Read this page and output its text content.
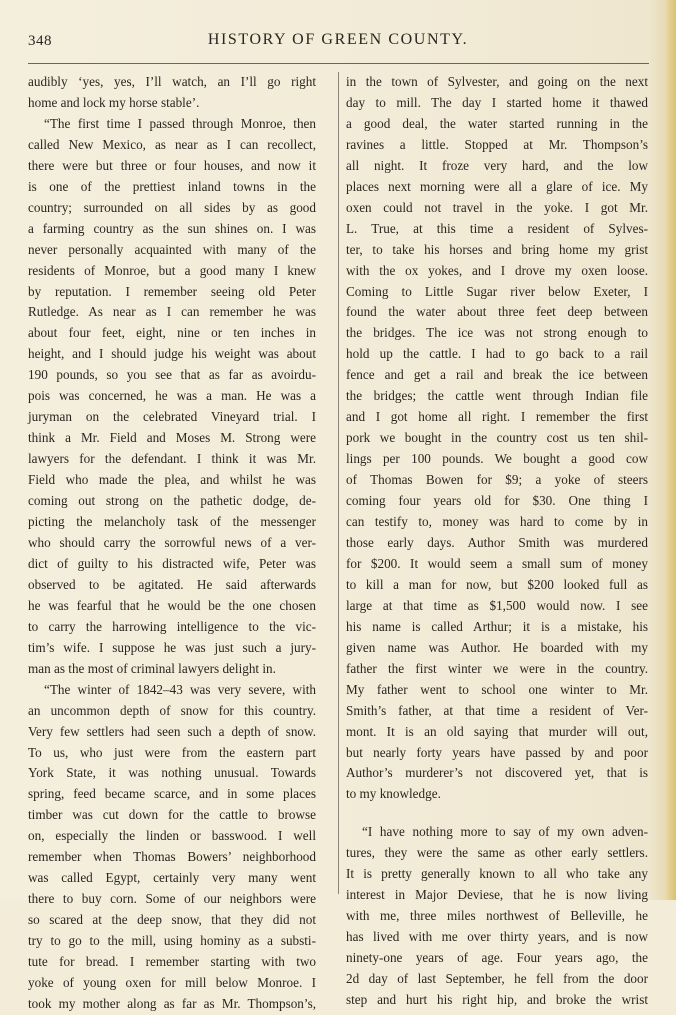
348	HISTORY OF GREEN COUNTY.
audibly ‘yes, yes, I’ll watch, an I’ll go right
home and lock my horse stable’.
“The first time I passed through Monroe, then
called New Mexico, as near as I can recollect,
there were but three or four houses, and now it
is one of the prettiest inland towns in the
country; surrounded on all sides by as good
a farming country as the sun shines on. I was
never personally acquainted with many of the
residents of Monroe, but a good many I knew
by reputation. I remember seeing old Peter
Rutledge. As near as I can remember he was
about four feet, eight, nine or ten inches in
height, and I should judge his weight was about
190 pounds, so you see that as far as avoirdu-
pois was concerned, he was a man. He was a
juryman on the celebrated Vineyard trial. I
think a Mr. Field and Moses M. Strong were
lawyers for the defendant. I think it was Mr.
Field who made the plea, and whilst he was
coming out strong on the pathetic dodge, de-
picting the melancholy task of the messenger
who should carry the sorrowful news of a ver-
dict of guilty to his distracted wife, Peter was
observed to be agitated. He said afterwards
he was fearful that he would be the one chosen
to carry the harrowing intelligence to the vic-
tim’s wife. I suppose he was just such a jury-
man as the most of criminal lawyers delight in.
“The winter of 1842–43 was very severe, with
an uncommon depth of snow for this country.
Very few settlers had seen such a depth of snow.
To us, who just were from the eastern part
York State, it was nothing unusual. Towards
spring, feed became scarce, and in some places
timber was cut down for the cattle to browse
on, especially the linden or basswood. I well
remember when Thomas Bowers’ neighborhood
was called Egypt, certainly very many went
there to buy corn. Some of our neighbors were
so scared at the deep snow, that they did not
try to go to the mill, using hominy as a substi-
tute for bread. I remember starting with two
yoke of young oxen for mill below Monroe. I
took my mother along as far as Mr. Thompson’s,
in the town of Sylvester, and going on the next
day to mill. The day I started home it thawed
a good deal, the water started running in the
ravines a little. Stopped at Mr. Thompson’s
all night. It froze very hard, and the low
places next morning were all a glare of ice. My
oxen could not travel in the yoke. I got Mr.
L. True, at this time a resident of Sylves-
ter, to take his horses and bring home my grist
with the ox yokes, and I drove my oxen loose.
Coming to Little Sugar river below Exeter, I
found the water about three feet deep between
the bridges. The ice was not strong enough to
hold up the cattle. I had to go back to a rail
fence and get a rail and break the ice between
the bridges; the cattle went through Indian file
and I got home all right. I remember the first
pork we bought in the country cost us ten shil-
lings per 100 pounds. We bought a good cow
of Thomas Bowen for $9; a yoke of steers
coming four years old for $30. One thing I
can testify to, money was hard to come by in
those early days. Author Smith was murdered
for $200. It would seem a small sum of money
to kill a man for now, but $200 looked full as
large at that time as $1,500 would now. I see
his name is called Arthur; it is a mistake, his
given name was Author. He boarded with my
father the first winter we were in the country.
My father went to school one winter to Mr.
Smith’s father, at that time a resident of Ver-
mont. It is an old saying that murder will out,
but nearly forty years have passed by and poor
Author’s murderer’s not discovered yet, that is
to my knowledge.
“I have nothing more to say of my own adven-
tures, they were the same as other early settlers.
It is pretty generally known to all who take any
interest in Major Deviese, that he is now living
with me, three miles northwest of Belleville, he
has lived with me over thirty years, and is now
ninety-one years of age. Four years ago, the
2d day of last September, he fell from the door
step and hurt his right hip, and broke the wrist
